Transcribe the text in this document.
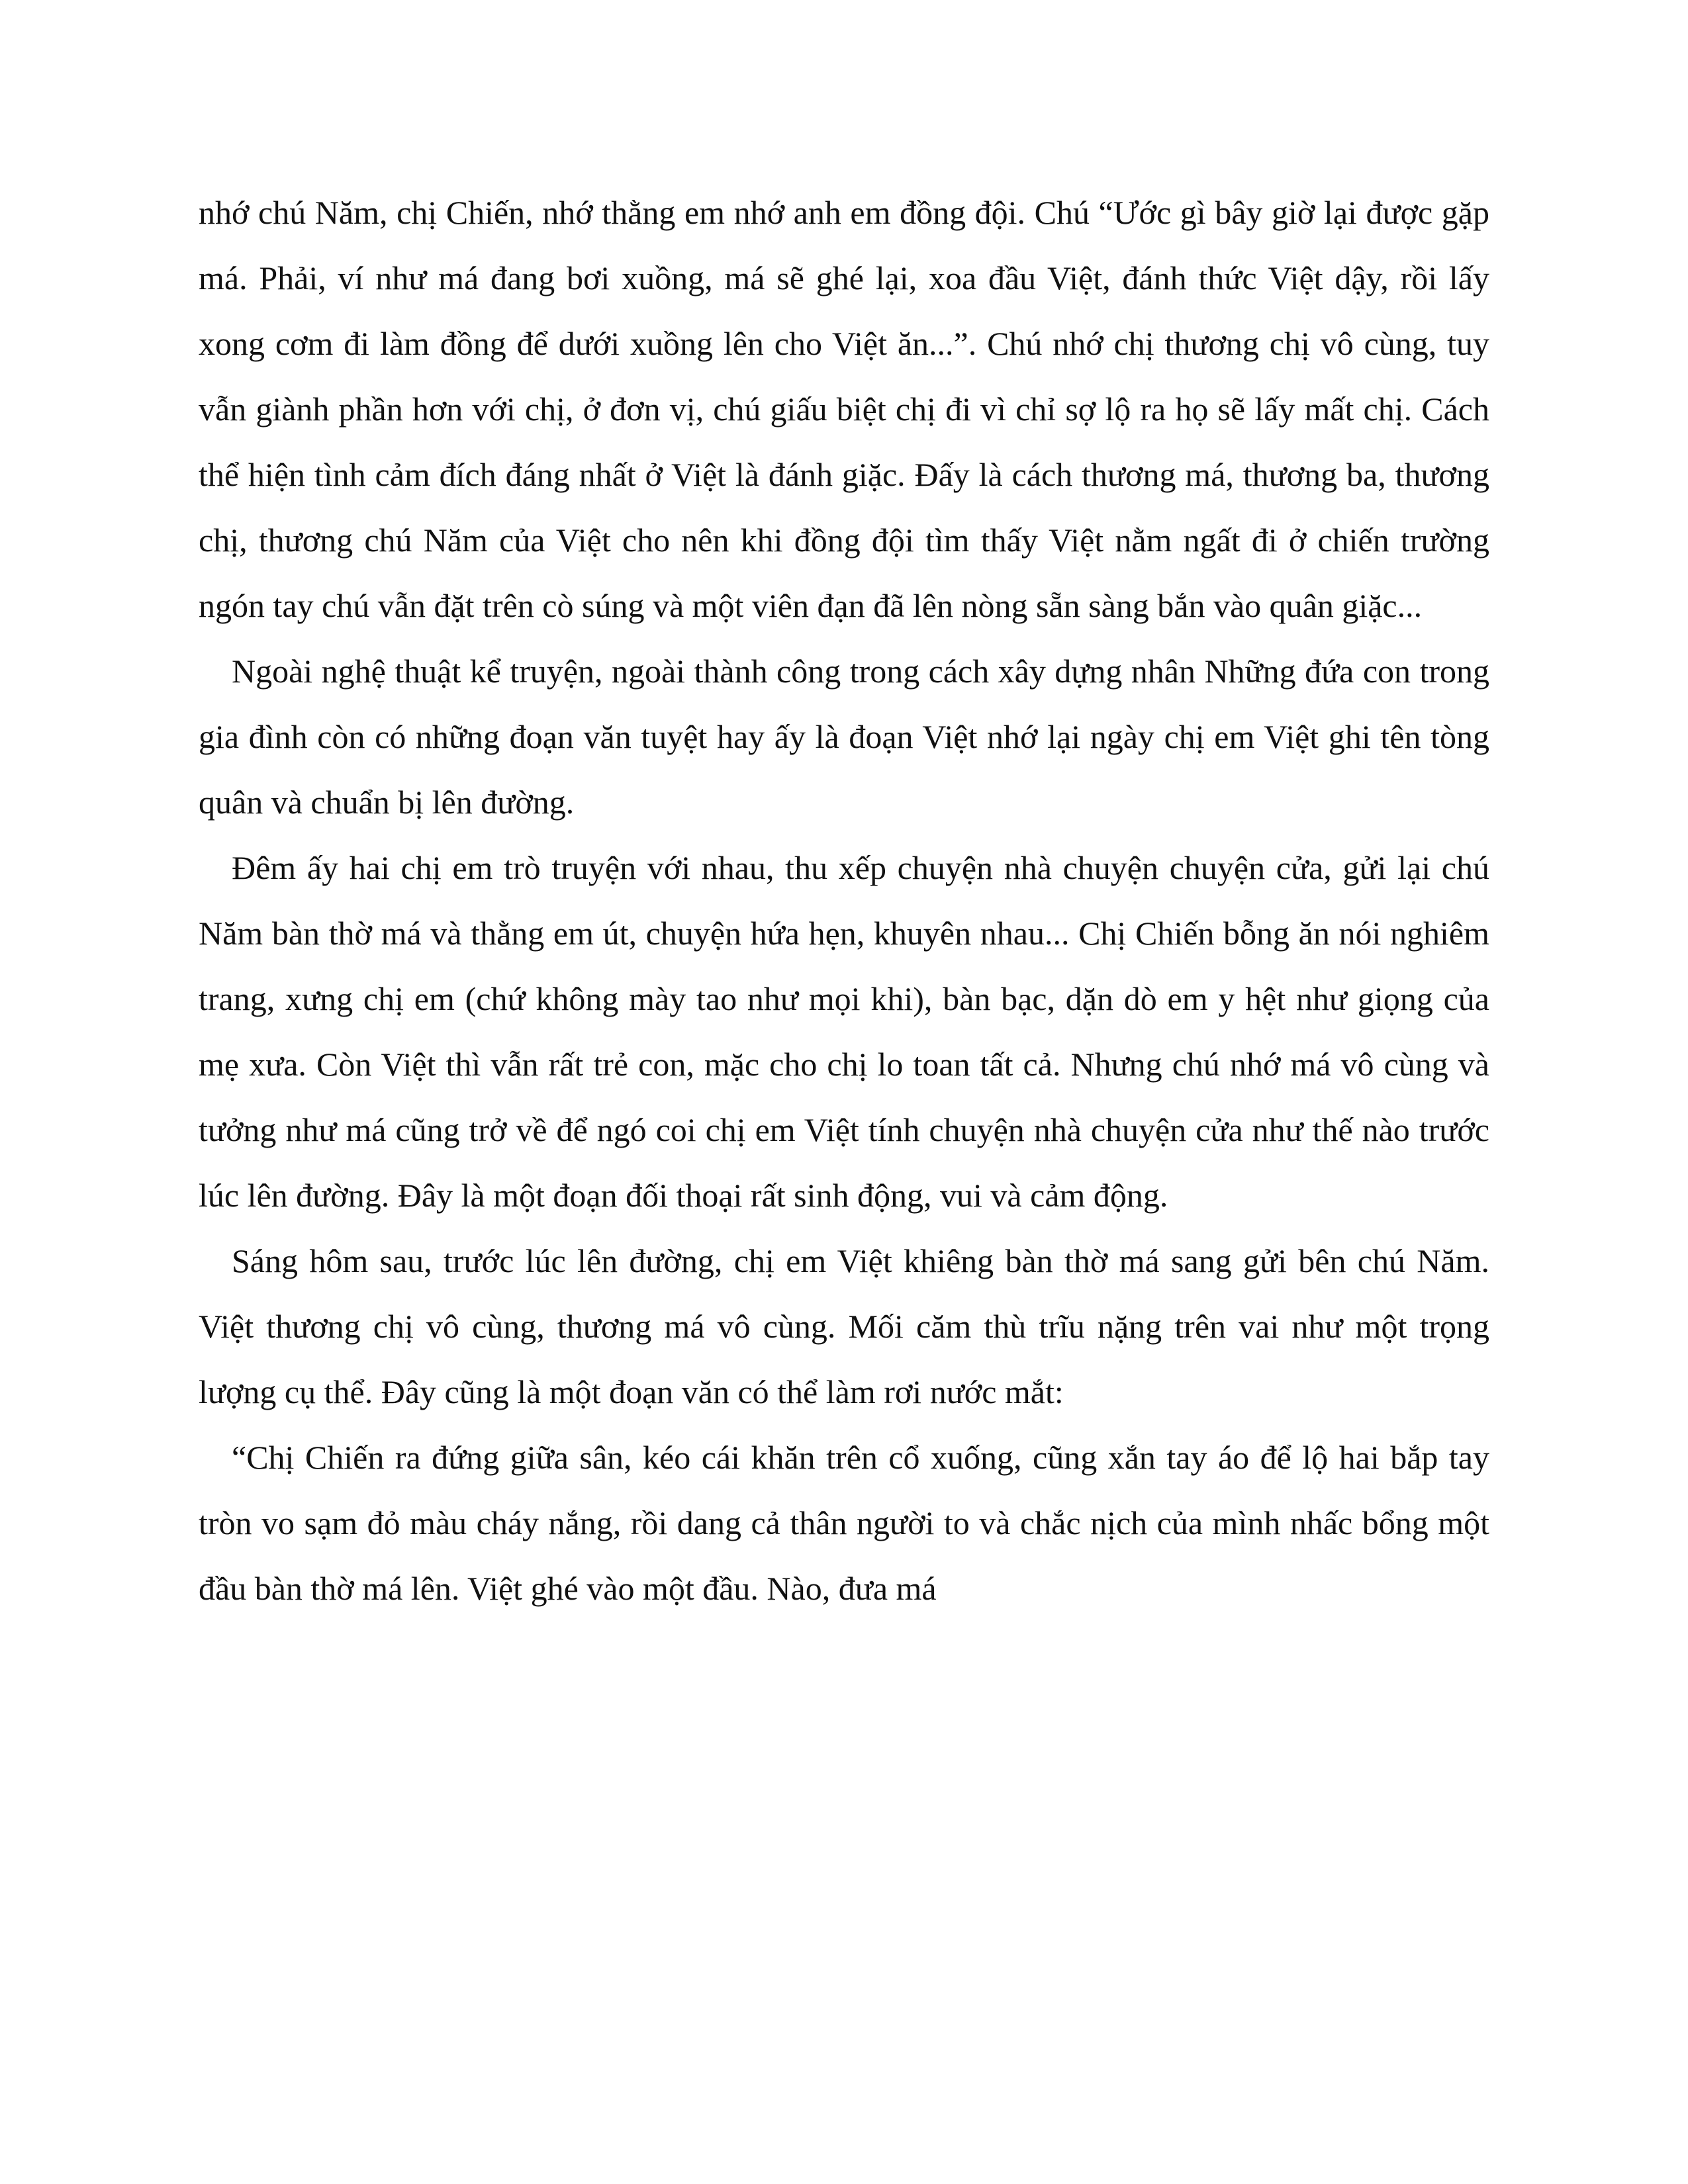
nhớ chú Năm, chị Chiến, nhớ thằng em nhớ anh em đồng đội. Chú “Ước gì bây giờ lại được gặp má. Phải, ví như má đang bơi xuồng, má sẽ ghé lại, xoa đầu Việt, đánh thức Việt dậy, rồi lấy xong cơm đi làm đồng để dưới xuồng lên cho Việt ăn...”. Chú nhớ chị thương chị vô cùng, tuy vẫn giành phần hơn với chị, ở đơn vị, chú giấu biệt chị đi vì chỉ sợ lộ ra họ sẽ lấy mất chị. Cách thể hiện tình cảm đích đáng nhất ở Việt là đánh giặc. Đấy là cách thương má, thương ba, thương chị, thương chú Năm của Việt cho nên khi đồng đội tìm thấy Việt nằm ngất đi ở chiến trường ngón tay chú vẫn đặt trên cò súng và một viên đạn đã lên nòng sẵn sàng bắn vào quân giặc...

Ngoài nghệ thuật kể truyện, ngoài thành công trong cách xây dựng nhân Những đứa con trong gia đình còn có những đoạn văn tuyệt hay ấy là đoạn Việt nhớ lại ngày chị em Việt ghi tên tòng quân và chuẩn bị lên đường.

Đêm ấy hai chị em trò truyện với nhau, thu xếp chuyện nhà chuyện chuyện cửa, gửi lại chú Năm bàn thờ má và thằng em út, chuyện hứa hẹn, khuyên nhau... Chị Chiến bỗng ăn nói nghiêm trang, xưng chị em (chứ không mày tao như mọi khi), bàn bạc, dặn dò em y hệt như giọng của mẹ xưa. Còn Việt thì vẫn rất trẻ con, mặc cho chị lo toan tất cả. Nhưng chú nhớ má vô cùng và tưởng như má cũng trở về để ngó coi chị em Việt tính chuyện nhà chuyện cửa như thế nào trước lúc lên đường. Đây là một đoạn đối thoại rất sinh động, vui và cảm động.

Sáng hôm sau, trước lúc lên đường, chị em Việt khiêng bàn thờ má sang gửi bên chú Năm. Việt thương chị vô cùng, thương má vô cùng. Mối căm thù trĩu nặng trên vai như một trọng lượng cụ thể. Đây cũng là một đoạn văn có thể làm rơi nước mắt:

“Chị Chiến ra đứng giữa sân, kéo cái khăn trên cổ xuống, cũng xắn tay áo để lộ hai bắp tay tròn vo sạm đỏ màu cháy nắng, rồi dang cả thân người to và chắc nịch của mình nhấc bổng một đầu bàn thờ má lên. Việt ghé vào một đầu. Nào, đưa má
